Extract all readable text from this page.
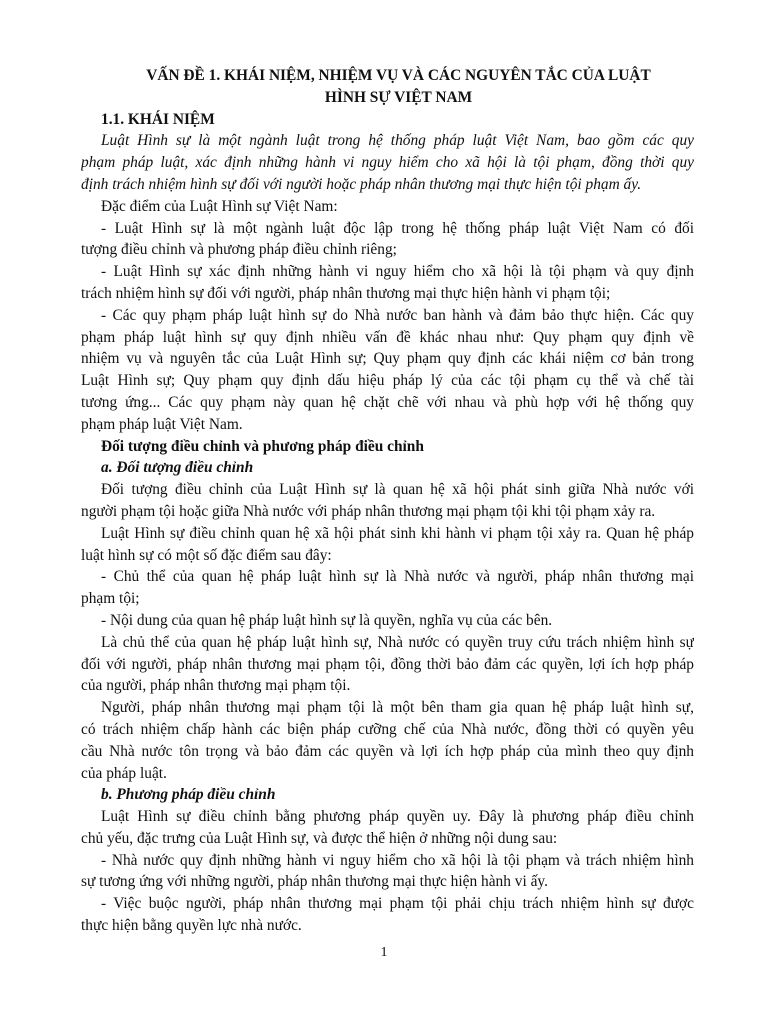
VẤN ĐỀ 1. KHÁI NIỆM, NHIỆM VỤ VÀ CÁC NGUYÊN TẮC CỦA LUẬT
HÌNH SỰ VIỆT NAM

1.1. KHÁI NIỆM

Luật Hình sự là một ngành luật trong hệ thống pháp luật Việt Nam, bao gồm các quy

phạm pháp luật, xác định những hành vi nguy hiểm cho xã hội là tội phạm, đồng thời quy

định trách nhiệm hình sự đối với người hoặc pháp nhân thương mại thực hiện tội phạm ấy.

Đặc điểm của Luật Hình sự Việt Nam:

- Luật Hình sự là một ngành luật độc lập trong hệ thống pháp luật Việt Nam có đối

tượng điều chỉnh và phương pháp điều chỉnh riêng;

- Luật Hình sự xác định những hành vi nguy hiểm cho xã hội là tội phạm và quy định

trách nhiệm hình sự đối với người, pháp nhân thương mại thực hiện hành vi phạm tội;

- Các quy phạm pháp luật hình sự do Nhà nước ban hành và đảm bảo thực hiện. Các quy

phạm pháp luật hình sự quy định nhiều vấn đề khác nhau như: Quy phạm quy định về

nhiệm vụ và nguyên tắc của Luật Hình sự; Quy phạm quy định các khái niệm cơ bản trong

Luật Hình sự; Quy phạm quy định dấu hiệu pháp lý của các tội phạm cụ thể và chế tài

tương ứng... Các quy phạm này quan hệ chặt chẽ với nhau và phù hợp với hệ thống quy

phạm pháp luật Việt Nam.

Đối tượng điều chỉnh và phương pháp điều chỉnh

a. Đối tượng điều chỉnh

Đối tượng điều chỉnh của Luật Hình sự là quan hệ xã hội phát sinh giữa Nhà nước với

người phạm tội hoặc giữa Nhà nước với pháp nhân thương mại phạm tội khi tội phạm xảy ra.

Luật Hình sự điều chỉnh quan hệ xã hội phát sinh khi hành vi phạm tội xảy ra. Quan hệ pháp

luật hình sự có một số đặc điểm sau đây:

- Chủ thể của quan hệ pháp luật hình sự là Nhà nước và người, pháp nhân thương mại

phạm tội;

- Nội dung của quan hệ pháp luật hình sự là quyền, nghĩa vụ của các bên.

Là chủ thể của quan hệ pháp luật hình sự, Nhà nước có quyền truy cứu trách nhiệm hình sự

đối với người, pháp nhân thương mại phạm tội, đồng thời bảo đảm các quyền, lợi ích hợp pháp

của người, pháp nhân thương mại phạm tội.

Người, pháp nhân thương mại phạm tội là một bên tham gia quan hệ pháp luật hình sự,

có trách nhiệm chấp hành các biện pháp cưỡng chế của Nhà nước, đồng thời có quyền yêu

cầu Nhà nước tôn trọng và bảo đảm các quyền và lợi ích hợp pháp của mình theo quy định

của pháp luật.

b. Phương pháp điều chỉnh

Luật Hình sự điều chỉnh bằng phương pháp quyền uy. Đây là phương pháp điều chỉnh

chủ yếu, đặc trưng của Luật Hình sự, và được thể hiện ở những nội dung sau:

- Nhà nước quy định những hành vi nguy hiểm cho xã hội là tội phạm và trách nhiệm hình

sự tương ứng với những người, pháp nhân thương mại thực hiện hành vi ấy.

- Việc buộc người, pháp nhân thương mại phạm tội phải chịu trách nhiệm hình sự được

thực hiện bằng quyền lực nhà nước.

1
